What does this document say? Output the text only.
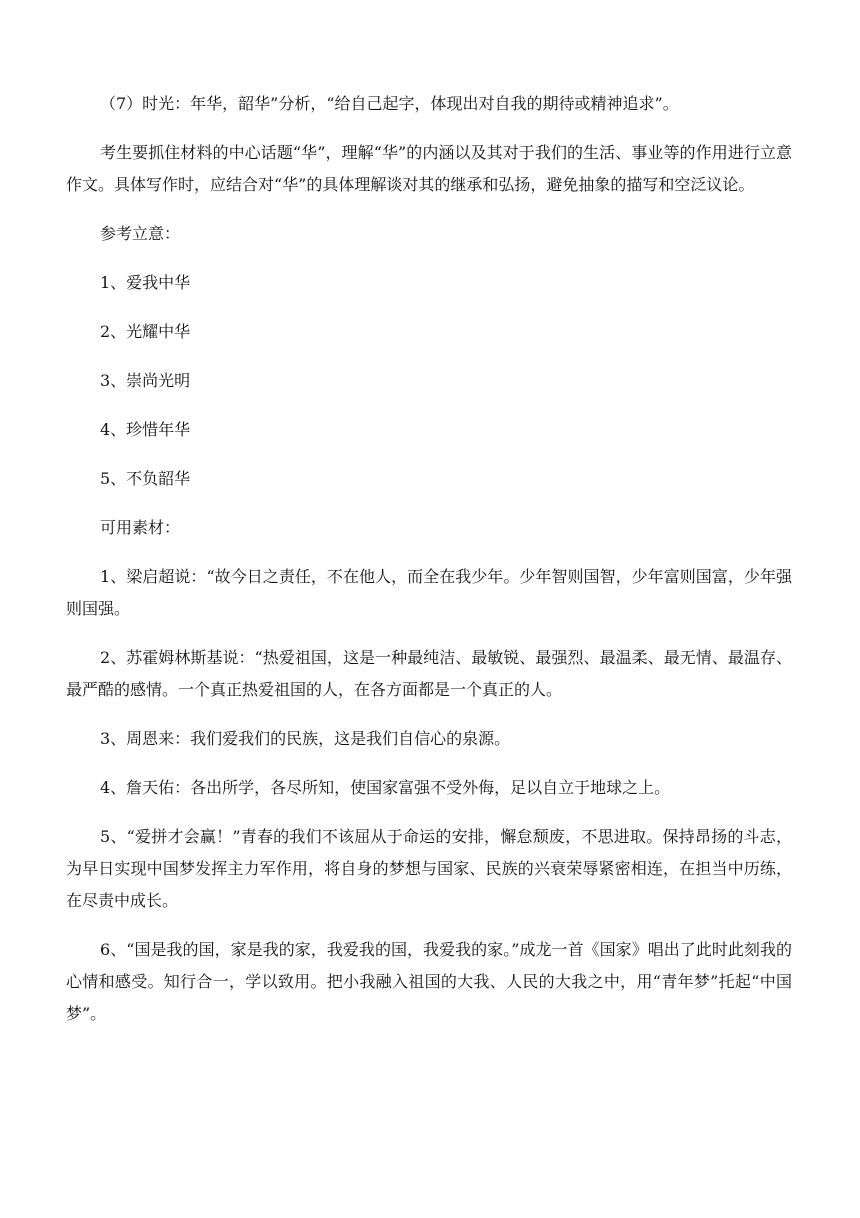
（7）时光：年华，韶华”分析，“给自己起字，体现出对自我的期待或精神追求”。

考生要抓住材料的中心话题“华”，理解“华”的内涵以及其对于我们的生活、事业等的作用进行立意作文。具体写作时，应结合对“华”的具体理解谈对其的继承和弘扬，避免抽象的描写和空泛议论。

参考立意：

1、爱我中华

2、光耀中华

3、崇尚光明

4、珍惜年华

5、不负韶华

可用素材：

1、梁启超说：“故今日之责任，不在他人，而全在我少年。少年智则国智，少年富则国富，少年强则国强。

2、苏霍姆林斯基说：“热爱祖国，这是一种最纯洁、最敏锐、最强烈、最温柔、最无情、最温存、最严酷的感情。一个真正热爱祖国的人，在各方面都是一个真正的人。

3、周恩来：我们爱我们的民族，这是我们自信心的泉源。

4、詹天佑：各出所学，各尽所知，使国家富强不受外侮，足以自立于地球之上。

5、“爱拼才会赢！”青春的我们不该屈从于命运的安排，懈怠颓废，不思进取。保持昂扬的斗志，为早日实现中国梦发挥主力军作用，将自身的梦想与国家、民族的兴衰荣辱紧密相连，在担当中历练，在尽责中成长。

6、“国是我的国，家是我的家，我爱我的国，我爱我的家。”成龙一首《国家》唱出了此时此刻我的心情和感受。知行合一，学以致用。把小我融入祖国的大我、人民的大我之中，用“青年梦”托起“中国梦”。
